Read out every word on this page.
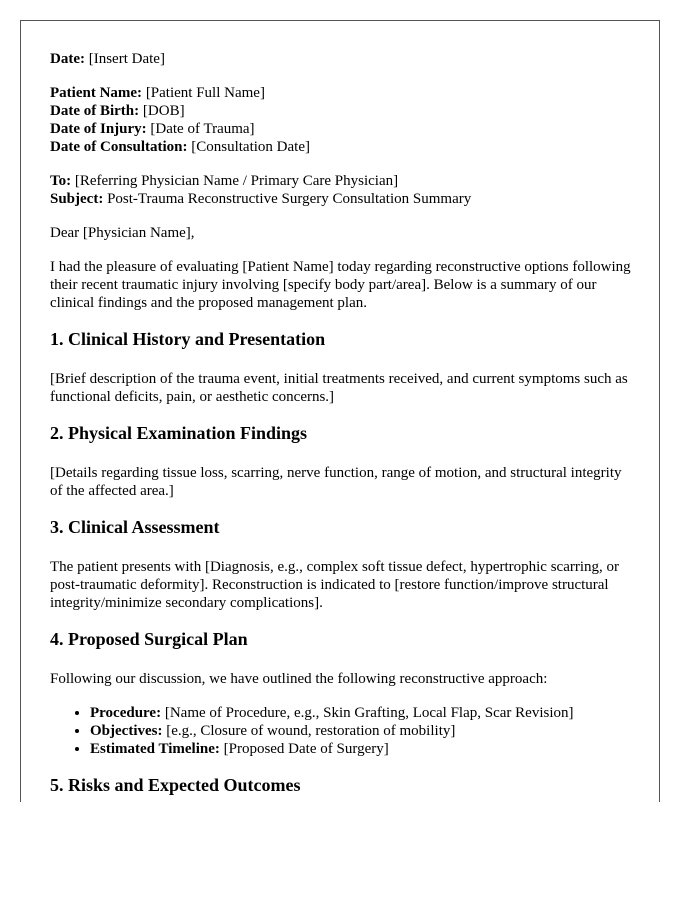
Date: [Insert Date]
Patient Name: [Patient Full Name]
Date of Birth: [DOB]
Date of Injury: [Date of Trauma]
Date of Consultation: [Consultation Date]
To: [Referring Physician Name / Primary Care Physician]
Subject: Post-Trauma Reconstructive Surgery Consultation Summary

Dear [Physician Name],

I had the pleasure of evaluating [Patient Name] today regarding reconstructive options following their recent traumatic injury involving [specify body part/area]. Below is a summary of our clinical findings and the proposed management plan.

1. Clinical History and Presentation

[Brief description of the trauma event, initial treatments received, and current symptoms such as functional deficits, pain, or aesthetic concerns.]

2. Physical Examination Findings

[Details regarding tissue loss, scarring, nerve function, range of motion, and structural integrity of the affected area.]

3. Clinical Assessment

The patient presents with [Diagnosis, e.g., complex soft tissue defect, hypertrophic scarring, or post-traumatic deformity]. Reconstruction is indicated to [restore function/improve structural integrity/minimize secondary complications].

4. Proposed Surgical Plan

Following our discussion, we have outlined the following reconstructive approach:

• Procedure: [Name of Procedure, e.g., Skin Grafting, Local Flap, Scar Revision]
• Objectives: [e.g., Closure of wound, restoration of mobility]
• Estimated Timeline: [Proposed Date of Surgery]
5. Risks and Expected Outcomes
